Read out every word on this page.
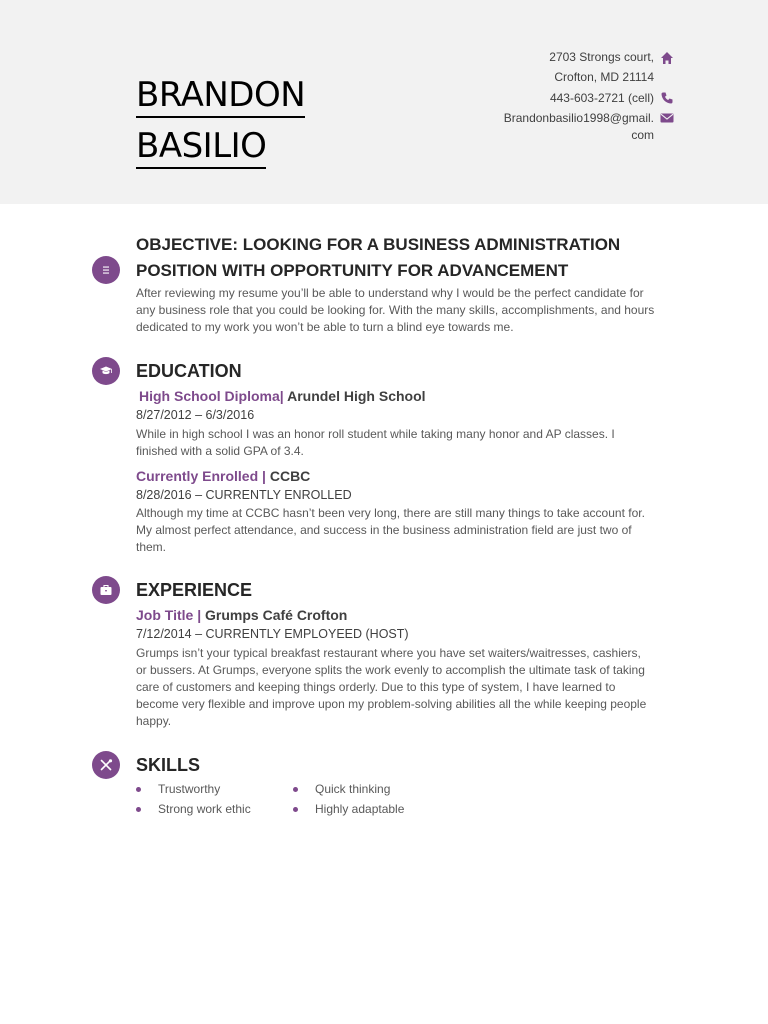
BRANDON
BASILIO
2703 Strongs court,
Crofton, MD 21114
443-603-2721 (cell)
Brandonbasilio1998@gmail.
com
OBJECTIVE: LOOKING FOR A BUSINESS ADMINISTRATION
POSITION WITH OPPORTUNITY FOR ADVANCEMENT
After reviewing my resume you’ll be able to understand why I would be the perfect candidate for
any business role that you could be looking for. With the many skills, accomplishments, and hours
dedicated to my work you won’t be able to turn a blind eye towards me.
EDUCATION
High School Diploma| Arundel High School
8/27/2012 – 6/3/2016
While in high school I was an honor roll student while taking many honor and AP classes. I
finished with a solid GPA of 3.4.
Currently Enrolled | CCBC
8/28/2016 – CURRENTLY ENROLLED
Although my time at CCBC hasn’t been very long, there are still many things to take account for.
My almost perfect attendance, and success in the business administration field are just two of
them.
EXPERIENCE
Job Title | Grumps Café Crofton
7/12/2014 – CURRENTLY EMPLOYEED (HOST)
Grumps isn’t your typical breakfast restaurant where you have set waiters/waitresses, cashiers,
or bussers. At Grumps, everyone splits the work evenly to accomplish the ultimate task of taking
care of customers and keeping things orderly. Due to this type of system, I have learned to
become very flexible and improve upon my problem-solving abilities all the while keeping people
happy.
SKILLS
Trustworthy
Strong work ethic
Quick thinking
Highly adaptable
